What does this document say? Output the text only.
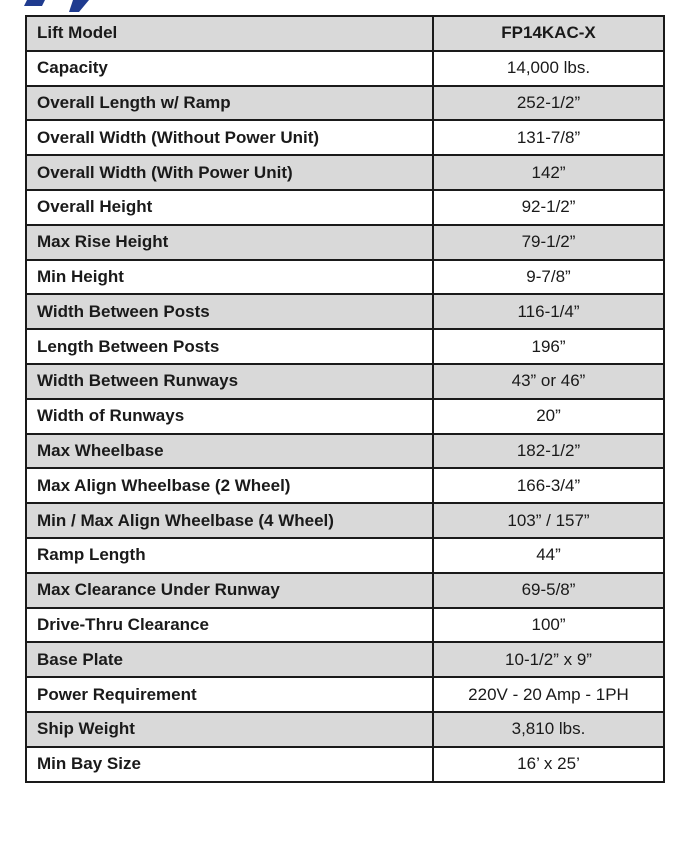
Lift Model	FP14KAC-X
Capacity	14,000 lbs.
Overall Length w/ Ramp	252-1/2”
Overall Width (Without Power Unit)	131-7/8”
Overall Width (With Power Unit)	142”
Overall Height	92-1/2”
Max Rise Height	79-1/2”
Min Height	9-7/8”
Width Between Posts	116-1/4”
Length Between Posts	196”
Width Between Runways	43” or 46”
Width of Runways	20”
Max Wheelbase	182-1/2”
Max Align Wheelbase (2 Wheel)	166-3/4”
Min / Max Align Wheelbase (4 Wheel)	103” / 157”
Ramp Length	44”
Max Clearance Under Runway	69-5/8”
Drive-Thru Clearance	100”
Base Plate	10-1/2” x 9”
Power Requirement	220V - 20 Amp - 1PH
Ship Weight	3,810 lbs.
Min Bay Size	16’ x 25’
